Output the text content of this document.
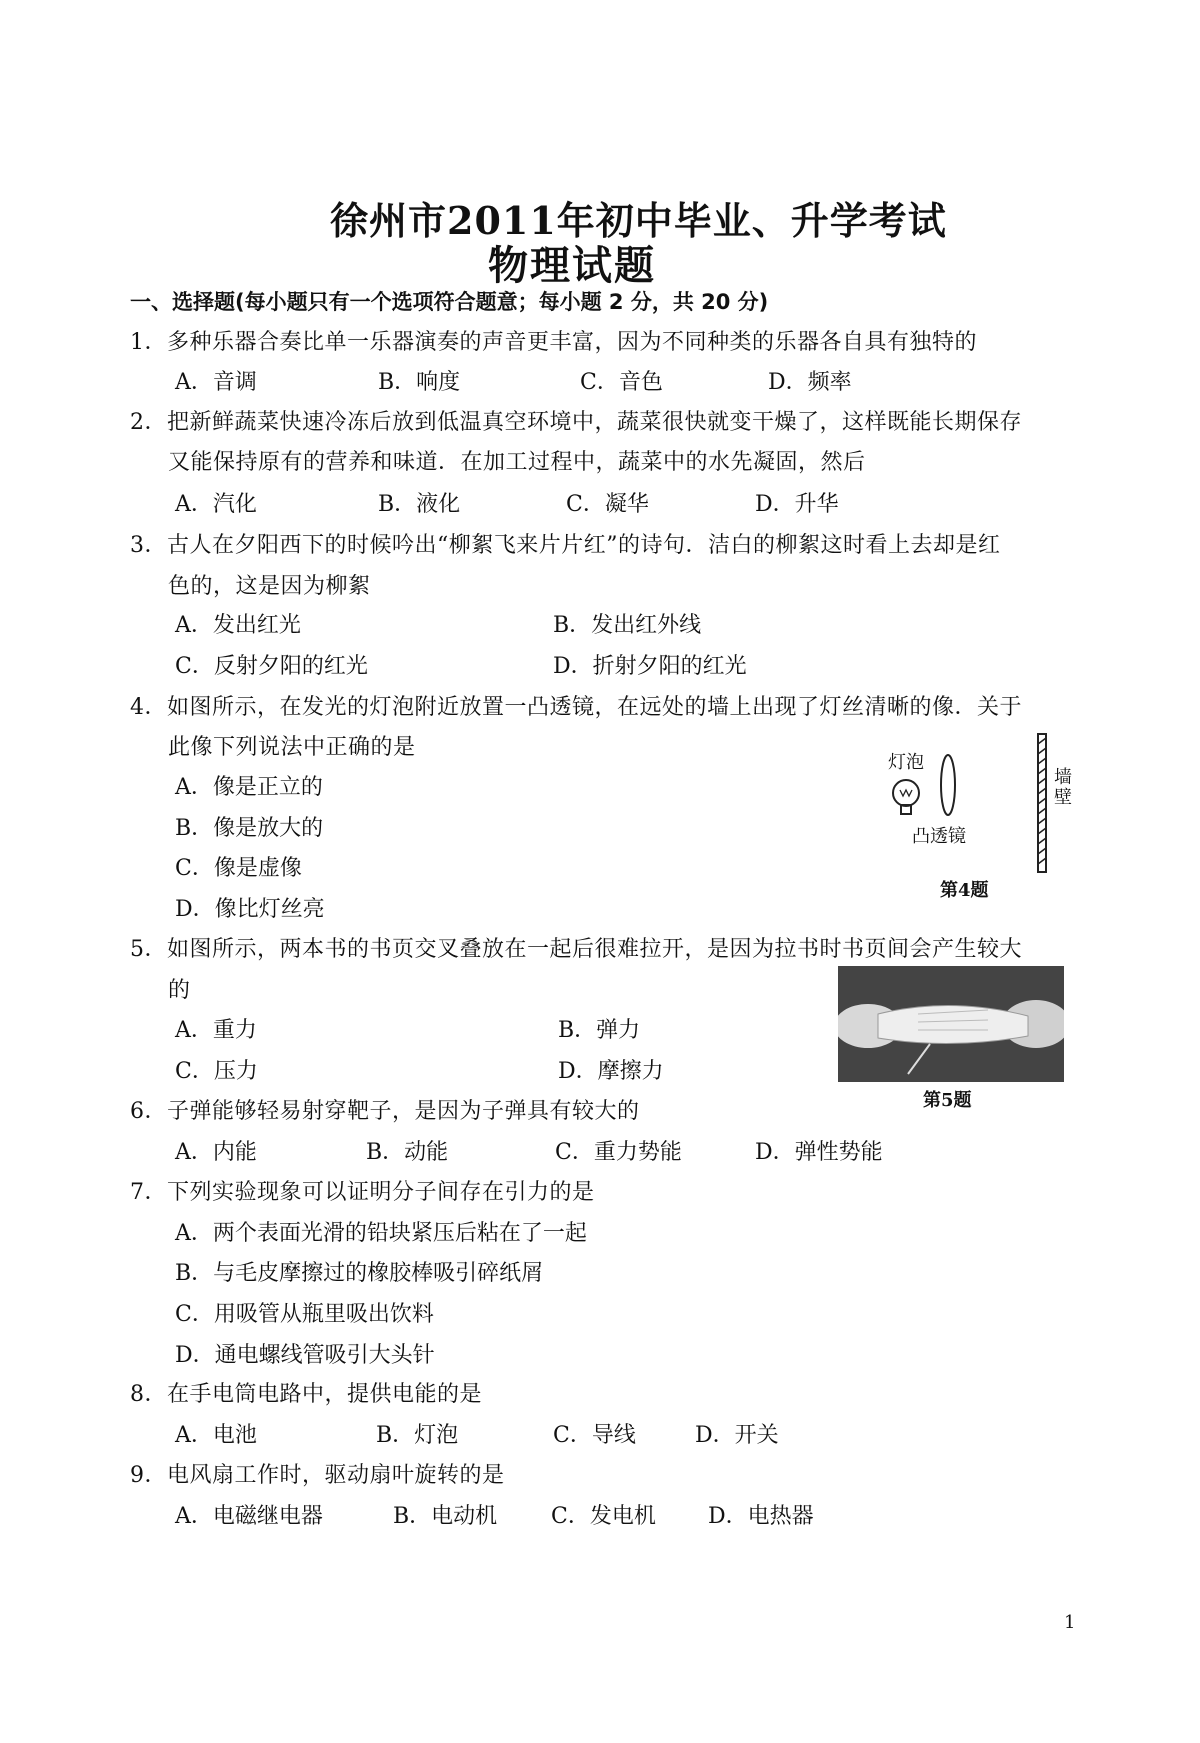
徐州市2011年初中毕业、升学考试
物理试题
一、选择题(每小题只有一个选项符合题意；每小题 2 分，共 20 分)
1．多种乐器合奏比单一乐器演奏的声音更丰富，因为不同种类的乐器各自具有独特的
A．音调	B．响度	C．音色	D．频率
2．把新鲜蔬菜快速冷冻后放到低温真空环境中，蔬菜很快就变干燥了，这样既能长期保存
又能保持原有的营养和味道．在加工过程中，蔬菜中的水先凝固，然后
A．汽化	B．液化	C．凝华	D．升华
3．古人在夕阳西下的时候吟出“柳絮飞来片片红”的诗句．洁白的柳絮这时看上去却是红
色的，这是因为柳絮
A．发出红光	B．发出红外线
C．反射夕阳的红光	D．折射夕阳的红光
4．如图所示，在发光的灯泡附近放置一凸透镜，在远处的墙上出现了灯丝清晰的像．关于
此像下列说法中正确的是
A．像是正立的
B．像是放大的
C．像是虚像
D．像比灯丝亮
灯泡
凸透镜
墙壁
第4题
5．如图所示，两本书的书页交叉叠放在一起后很难拉开，是因为拉书时书页间会产生较大
的
A．重力	B．弹力
C．压力	D．摩擦力
第5题
6．子弹能够轻易射穿靶子，是因为子弹具有较大的
A．内能	B．动能	C．重力势能	D．弹性势能
7．下列实验现象可以证明分子间存在引力的是
A．两个表面光滑的铅块紧压后粘在了一起
B．与毛皮摩擦过的橡胶棒吸引碎纸屑
C．用吸管从瓶里吸出饮料
D．通电螺线管吸引大头针
8．在手电筒电路中，提供电能的是
A．电池	B．灯泡	C．导线	D．开关
9．电风扇工作时，驱动扇叶旋转的是
A．电磁继电器	B．电动机 C．发电机 D．电热器
1
